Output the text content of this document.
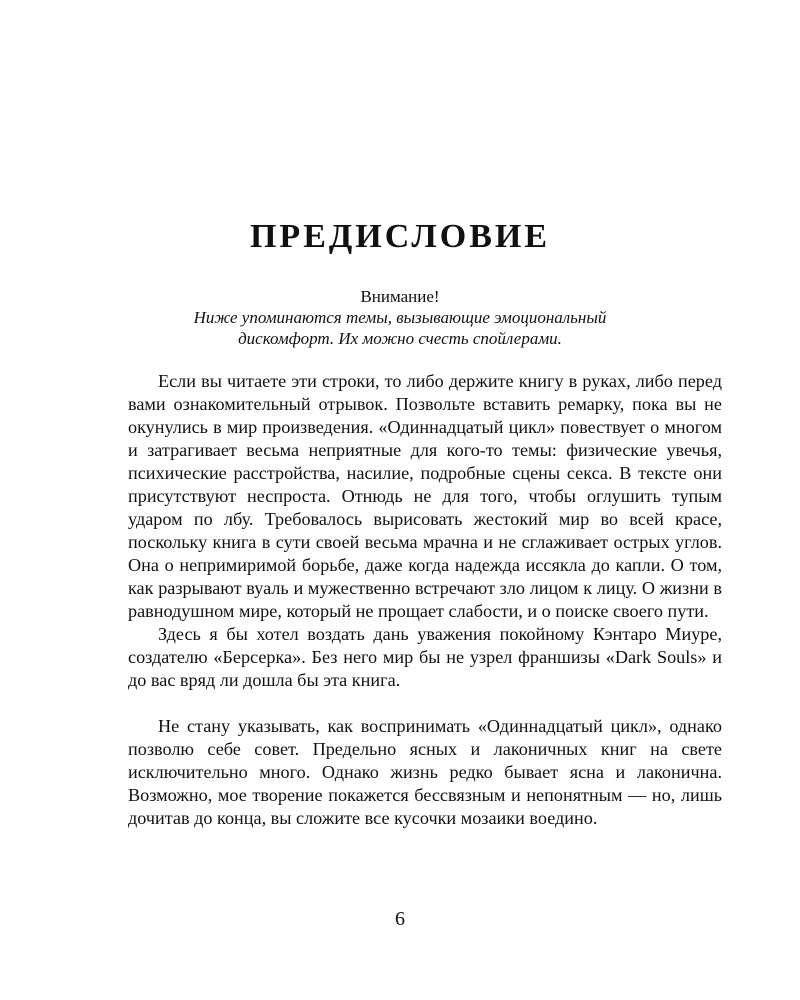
ПРЕДИСЛОВИЕ
Внимание!
Ниже упоминаются темы, вызывающие эмоциональный
дискомфорт. Их можно счесть спойлерами.

Если вы читаете эти строки, то либо держите книгу в руках, либо перед вами ознакомительный отрывок. Позвольте вставить ремарку, пока вы не окунулись в мир произведения. «Одиннадцатый цикл» повествует о многом и затрагивает весьма неприятные для кого-то темы: физические увечья, психические расстройства, насилие, подробные сцены секса. В тексте они присутствуют неспроста. Отнюдь не для того, чтобы оглушить тупым ударом по лбу. Требовалось вырисовать жестокий мир во всей красе, поскольку книга в сути своей весьма мрачна и не сглаживает острых углов. Она о непримиримой борьбе, даже когда надежда иссякла до капли. О том, как разрывают вуаль и мужественно встречают зло лицом к лицу. О жизни в равнодушном мире, который не прощает слабости, и о поиске своего пути.

Здесь я бы хотел воздать дань уважения покойному Кэнтаро Миуре, создателю «Берсерка». Без него мир бы не узрел франшизы «Dark Souls» и до вас вряд ли дошла бы эта книга.

Не стану указывать, как воспринимать «Одиннадцатый цикл», однако позволю себе совет. Предельно ясных и лаконичных книг на свете исключительно много. Однако жизнь редко бывает ясна и лаконична. Возможно, мое творение покажется бессвязным и непонятным — но, лишь дочитав до конца, вы сложите все кусочки мозаики воедино.

6
